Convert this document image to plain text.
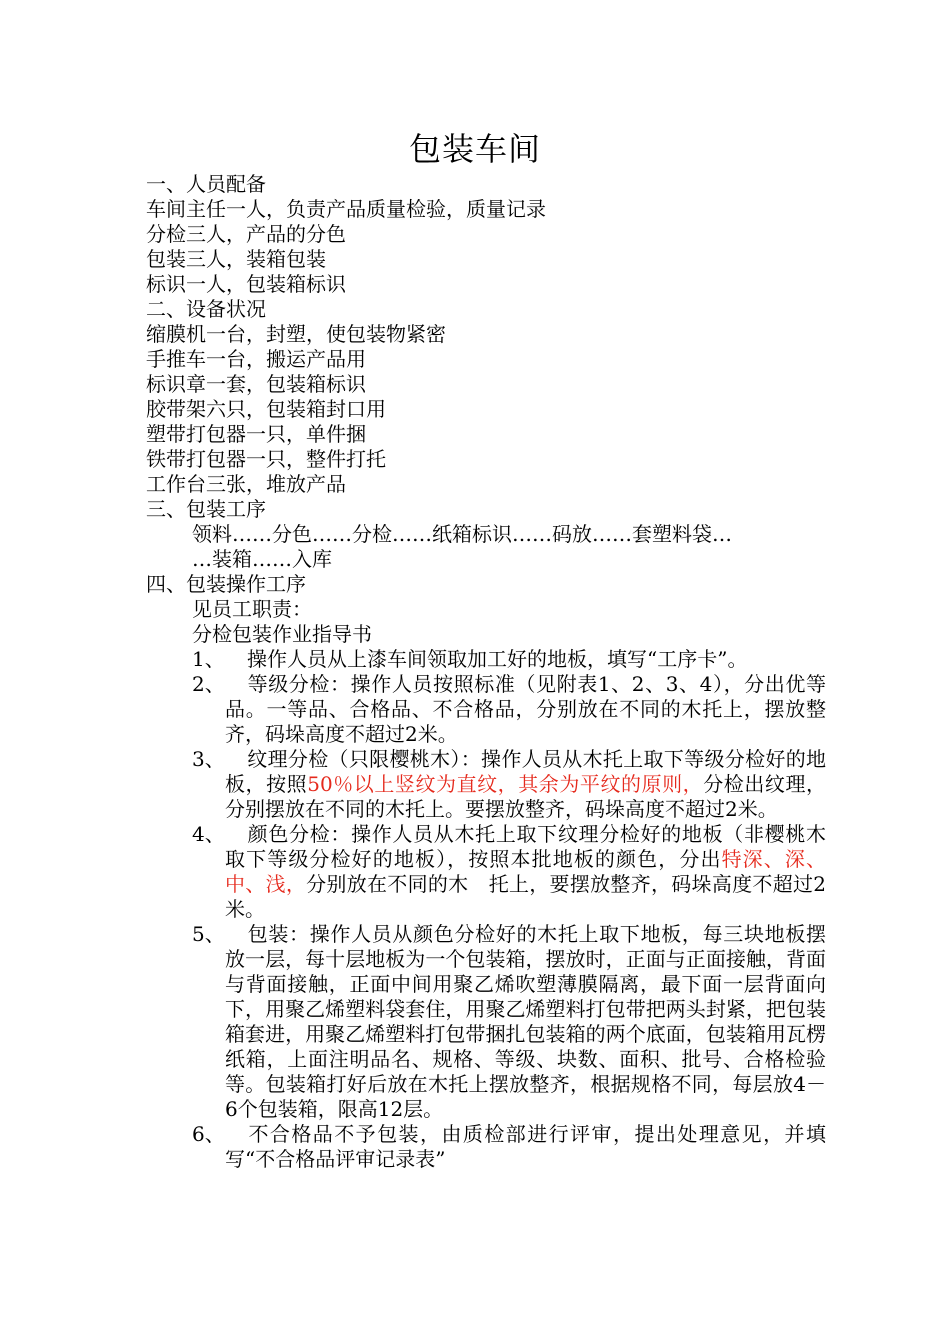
包装车间
一、人员配备
车间主任一人，负责产品质量检验，质量记录
分检三人，产品的分色
包装三人，装箱包装
标识一人，包装箱标识
二、设备状况
缩膜机一台，封塑，使包装物紧密
手推车一台，搬运产品用
标识章一套，包装箱标识
胶带架六只，包装箱封口用
塑带打包器一只，单件捆
铁带打包器一只，整件打托
工作台三张，堆放产品
三、包装工序
领料……分色……分检……纸箱标识……码放……套塑料袋…
…装箱……入库
四、包装操作工序
见员工职责：
分检包装作业指导书
1、	操作人员从上漆车间领取加工好的地板，填写“工序卡”。
2、	等级分检：操作人员按照标准（见附表1、2、3、4），分出优等品。一等品、合格品、不合格品，分别放在不同的木托上，摆放整齐，码垛高度不超过2米。
3、	纹理分检（只限樱桃木）：操作人员从木托上取下等级分检好的地板，按照50％以上竖纹为直纹，其余为平纹的原则，分检出纹理，分别摆放在不同的木托上。要摆放整齐，码垛高度不超过2米。
4、	颜色分检：操作人员从木托上取下纹理分检好的地板（非樱桃木取下等级分检好的地板），按照本批地板的颜色，分出特深、深、中、浅，分别放在不同的木　托上，要摆放整齐，码垛高度不超过2米。
5、	包装：操作人员从颜色分检好的木托上取下地板，每三块地板摆放一层，每十层地板为一个包装箱，摆放时，正面与正面接触，背面与背面接触，正面中间用聚乙烯吹塑薄膜隔离，最下面一层背面向下，用聚乙烯塑料袋套住，用聚乙烯塑料打包带把两头封紧，把包装箱套进，用聚乙烯塑料打包带捆扎包装箱的两个底面，包装箱用瓦楞纸箱，上面注明品名、规格、等级、块数、面积、批号、合格检验等。包装箱打好后放在木托上摆放整齐，根据规格不同，每层放4－6个包装箱，限高12层。
6、	不合格品不予包装，由质检部进行评审，提出处理意见，并填写“不合格品评审记录表”
